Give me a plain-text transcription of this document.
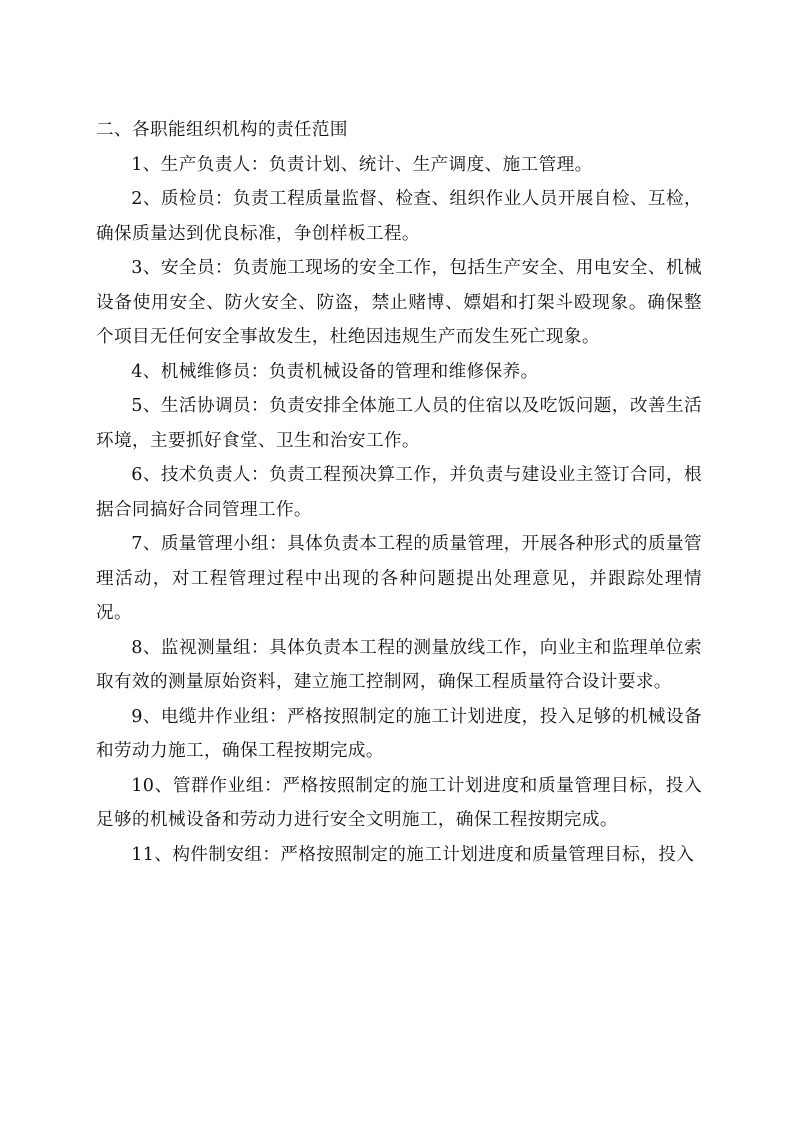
二、各职能组织机构的责任范围

1、生产负责人：负责计划、统计、生产调度、施工管理。

2、质检员：负责工程质量监督、检查、组织作业人员开展自检、互检，确保质量达到优良标准，争创样板工程。

3、安全员：负责施工现场的安全工作，包括生产安全、用电安全、机械设备使用安全、防火安全、防盗，禁止赌博、嫖娼和打架斗殴现象。确保整个项目无任何安全事故发生，杜绝因违规生产而发生死亡现象。

4、机械维修员：负责机械设备的管理和维修保养。

5、生活协调员：负责安排全体施工人员的住宿以及吃饭问题，改善生活环境，主要抓好食堂、卫生和治安工作。

6、技术负责人：负责工程预决算工作，并负责与建设业主签订合同，根据合同搞好合同管理工作。

7、质量管理小组：具体负责本工程的质量管理，开展各种形式的质量管理活动，对工程管理过程中出现的各种问题提出处理意见，并跟踪处理情况。

8、监视测量组：具体负责本工程的测量放线工作，向业主和监理单位索取有效的测量原始资料，建立施工控制网，确保工程质量符合设计要求。

9、电缆井作业组：严格按照制定的施工计划进度，投入足够的机械设备和劳动力施工，确保工程按期完成。

10、管群作业组：严格按照制定的施工计划进度和质量管理目标，投入足够的机械设备和劳动力进行安全文明施工，确保工程按期完成。

11、构件制安组：严格按照制定的施工计划进度和质量管理目标，投入
